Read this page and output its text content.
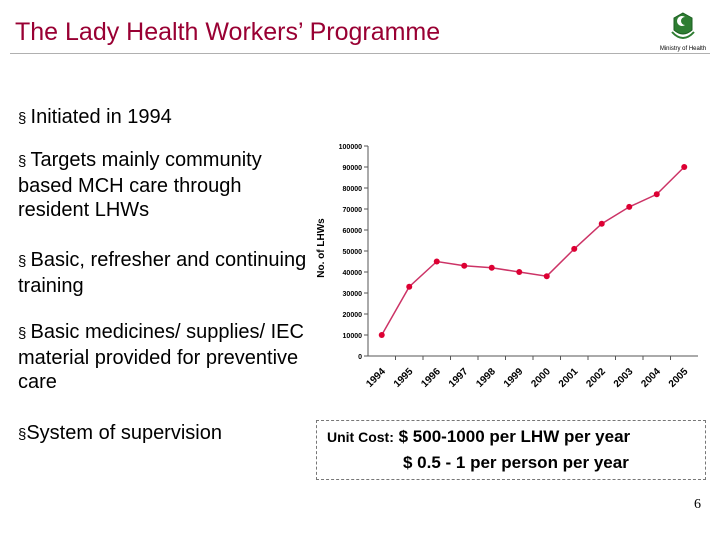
The Lady Health Workers’ Programme
Ministry of Health
§ Initiated in 1994
§ Targets mainly community based MCH care through resident LHWs
§ Basic, refresher and continuing training
§ Basic medicines/ supplies/ IEC material provided for preventive care
§System of supervision
No. of LHWs
0
10000
20000
30000
40000
50000
60000
70000
80000
90000
100000
1994 1995 1996 1997 1998 1999 2000 2001 2002 2003 2004 2005
Unit Cost: $ 500-1000 per LHW per year
$ 0.5 - 1 per person per year
6
